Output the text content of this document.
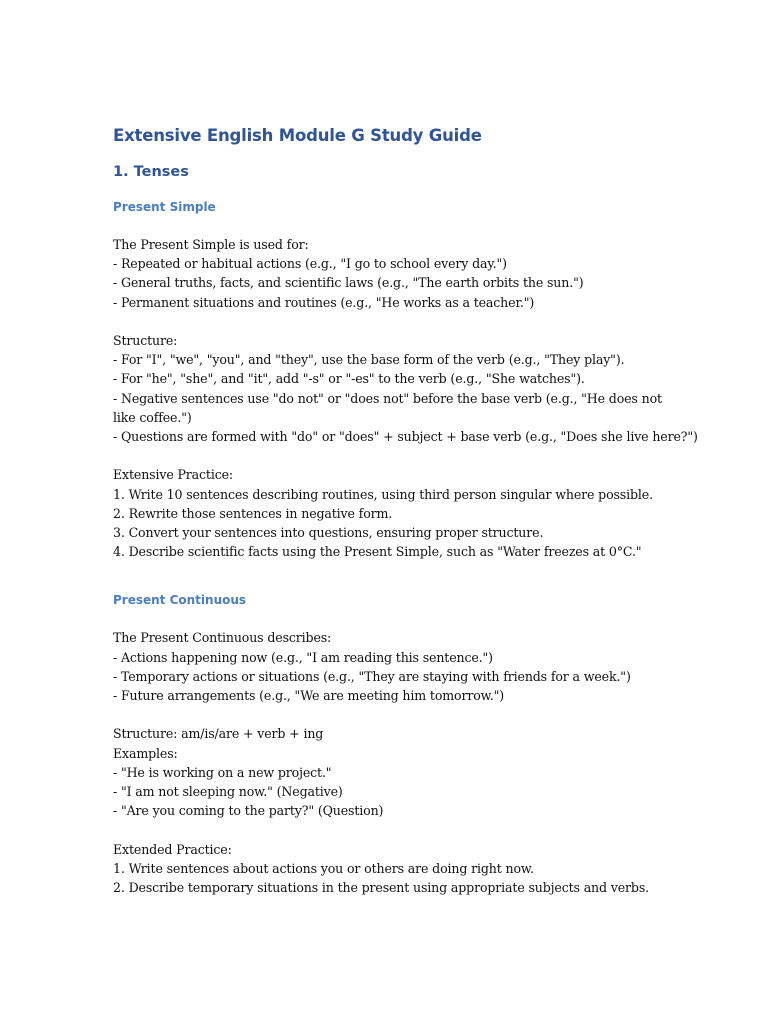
Extensive English Module G Study Guide
1. Tenses
Present Simple

The Present Simple is used for:
- Repeated or habitual actions (e.g., "I go to school every day.")
- General truths, facts, and scientific laws (e.g., "The earth orbits the sun.")
- Permanent situations and routines (e.g., "He works as a teacher.")

Structure:
- For "I", "we", "you", and "they", use the base form of the verb (e.g., "They play").
- For "he", "she", and "it", add "-s" or "-es" to the verb (e.g., "She watches").
- Negative sentences use "do not" or "does not" before the base verb (e.g., "He does not like coffee.")
- Questions are formed with "do" or "does" + subject + base verb (e.g., "Does she live here?")

Extensive Practice:
1. Write 10 sentences describing routines, using third person singular where possible.
2. Rewrite those sentences in negative form.
3. Convert your sentences into questions, ensuring proper structure.
4. Describe scientific facts using the Present Simple, such as "Water freezes at 0°C."

Present Continuous

The Present Continuous describes:
- Actions happening now (e.g., "I am reading this sentence.")
- Temporary actions or situations (e.g., "They are staying with friends for a week.")
- Future arrangements (e.g., "We are meeting him tomorrow.")

Structure: am/is/are + verb + ing
Examples:
- "He is working on a new project."
- "I am not sleeping now." (Negative)
- "Are you coming to the party?" (Question)

Extended Practice:
1. Write sentences about actions you or others are doing right now.
2. Describe temporary situations in the present using appropriate subjects and verbs.
